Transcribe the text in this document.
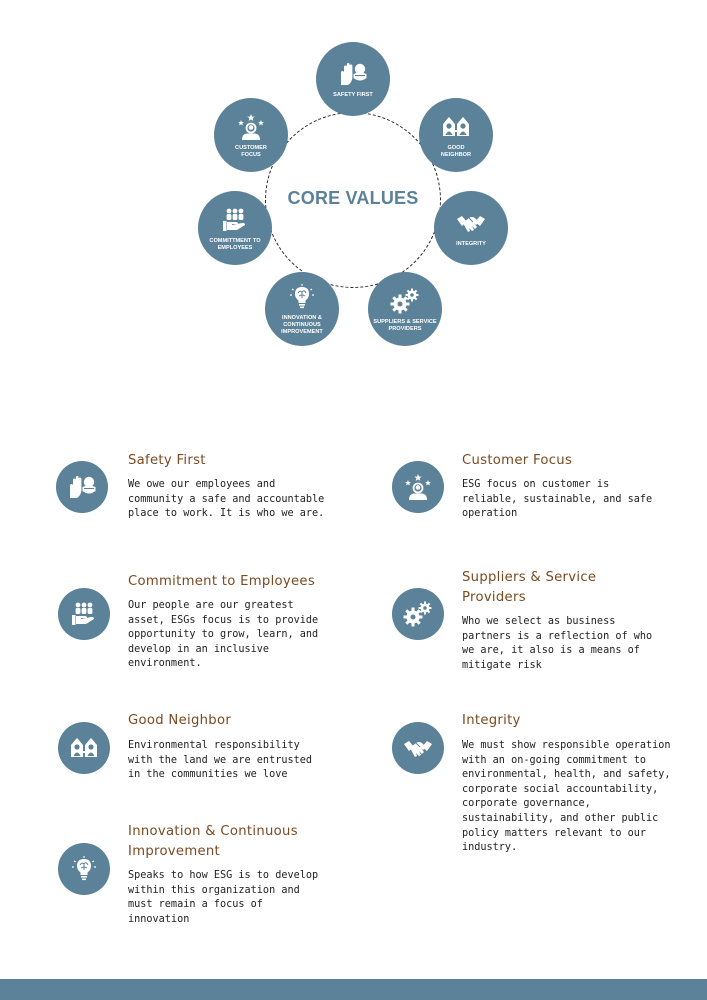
CORE VALUES
SAFETY FIRST
GOOD NEIGHBOR
INTEGRITY
SUPPLIERS & SERVICE PROVIDERS
INNOVATION & CONTINUOUS IMPROVEMENT
COMMITTMENT TO EMPLOYEES
CUSTOMER FOCUS
Safety First
We owe our employees and community a safe and accountable place to work. It is who we are.
Customer Focus
ESG focus on customer is reliable, sustainable, and safe operation
Commitment to Employees
Our people are our greatest asset, ESGs focus is to provide opportunity to grow, learn, and develop in an inclusive environment.
Suppliers & Service Providers
Who we select as business partners is a reflection of who we are, it also is a means of mitigate risk
Good Neighbor
Environmental responsibility with the land we are entrusted in the communities we love
Integrity
We must show responsible operation with an on-going commitment to environmental, health, and safety, corporate social accountability, corporate governance, sustainability, and other public policy matters relevant to our industry.
Innovation & Continuous Improvement
Speaks to how ESG is to develop within this organization and must remain a focus of innovation
